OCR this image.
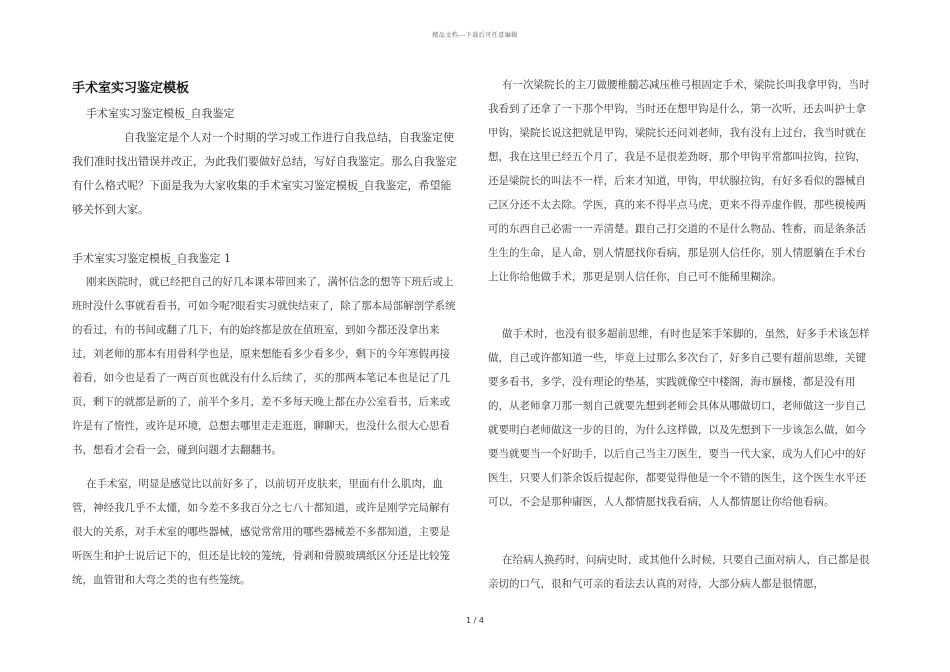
精品文档---下载后可任意编辑
手术室实习鉴定模板
手术室实习鉴定模板_自我鉴定

自我鉴定是个人对一个时期的学习或工作进行自我总结，自我鉴定使我们准时找出错误并改正，为此我们要做好总结，写好自我鉴定。那么自我鉴定有什么格式呢？下面是我为大家收集的手术室实习鉴定模板_自我鉴定，希望能够关怀到大家。

手术室实习鉴定模板_自我鉴定 1

刚来医院时，就已经把自己的好几本课本带回来了，满怀信念的想等下班后或上班时没什么事就看看书，可如今呢?眼看实习就快结束了，除了那本局部解剖学系统的看过，有的书间或翻了几下，有的始终都是放在值班室，到如今都还没拿出来过，刘老师的那本有用骨科学也是，原来想能看多少看多少，剩下的今年寒假再接着看，如今也是看了一两百页也就没有什么后续了，买的那两本笔记本也是记了几页，剩下的就都是新的了，前半个多月，差不多每天晚上都在办公室看书，后来或许是有了惰性，或许是环境，总想去哪里走走逛逛，聊聊天，也没什么很大心思看书，想看才会看一会，碰到问题才去翻翻书。

在手术室，明显是感觉比以前好多了，以前切开皮肤来，里面有什么肌肉，血管，神经我几乎不太懂，如今差不多我百分之七八十都知道，或许是刚学完局解有很大的关系，对手术室的哪些器械，感觉常常用的哪些器械差不多都知道，主要是听医生和护士说后记下的，但还是比较的笼统，骨剥和骨膜玻璃纸区分还是比较笼统，血管钳和大弯之类的也有些笼统。

有一次梁院长的主刀做腰椎髓芯减压椎弓根固定手术，梁院长叫我拿甲钩，当时我看到了还拿了一下那个甲钩，当时还在想甲钩是什么，第一次听，还去叫护士拿甲钩，梁院长说这把就是甲钩，梁院长还问刘老师，我有没有上过台，我当时就在想，我在这里已经五个月了，我是不是很差劲呀，那个甲钩平常都叫拉钩，拉钩，还是梁院长的叫法不一样，后来才知道，甲钩，甲状腺拉钩，有好多看似的器械自己区分还不太去除。学医，真的来不得半点马虎，更来不得弄虚作假，那些模棱两可的东西自己必需一一弄清楚。跟自己打交道的不是什么物品、牲畜，而是条条活生生的生命，是人命，别人情愿找你看病，那是别人信任你，别人情愿躺在手术台上让你给他做手术，那更是别人信任你，自己可不能稀里糊涂。

做手术时，也没有很多超前思维，有时也是笨手笨脚的，虽然，好多手术该怎样做，自己或许都知道一些，毕竟上过那么多次台了，好多自己要有超前思维，关键要多看书，多学，没有理论的垫基，实践就像空中楼阁，海市蜃楼，都是没有用的，从老师拿刀那一刻自己就要先想到老师会具体从哪做切口，老师做这一步自己就要明白老师做这一步的目的，为什么这样做，以及先想到下一步该怎么做，如今要当就要当一个好助手，以后自己当主刀医生，要当一代大家，成为人们心中的好医生，只要人们茶余饭后提起你，都要觉得他是一个不错的医生，这个医生水平还可以，不会是那种庸医，人人都情愿找我看病，人人都情愿让你给他看病。

在给病人换药时，问病史时，或其他什么时候，只要自己面对病人，自己都是很亲切的口气，很和气可亲的看法去认真的对待，大部分病人都是很情愿，

1 / 4
